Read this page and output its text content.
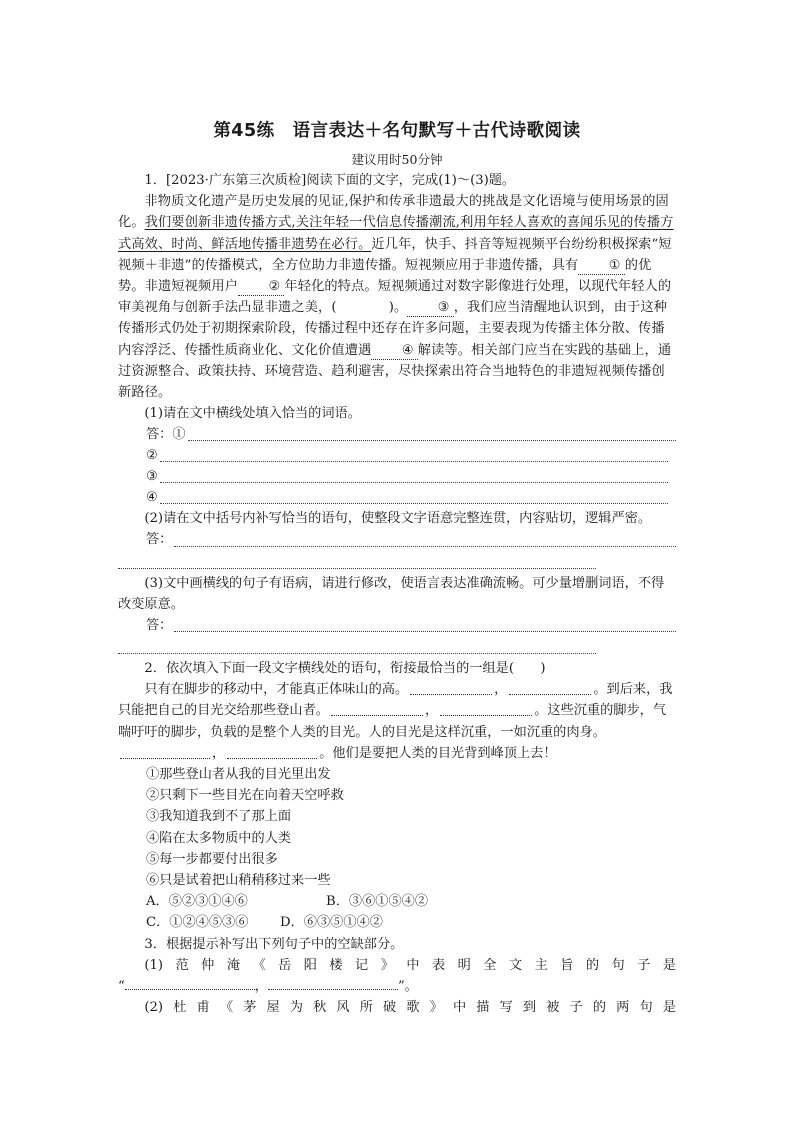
第45练　语言表达＋名句默写＋古代诗歌阅读

建议用时50分钟

1．[2023·广东第三次质检]阅读下面的文字，完成(1)～(3)题。

非物质文化遗产是历史发展的见证,保护和传承非遗最大的挑战是文化语境与使用场景的固化。我们要创新非遗传播方式,关注年轻一代信息传播潮流,利用年轻人喜欢的喜闻乐见的传播方式高效、时尚、鲜活地传播非遗势在必行。近几年，快手、抖音等短视频平台纷纷积极探索“短视频＋非遗”的传播模式，全方位助力非遗传播。短视频应用于非遗传播，具有 ① 的优势。非遗短视频用户 ② 年轻化的特点。短视频通过对数字影像进行处理，以现代年轻人的审美视角与创新手法凸显非遗之美，(	)。 ③ ，我们应当清醒地认识到，由于这种传播形式仍处于初期探索阶段，传播过程中还存在许多问题，主要表现为传播主体分散、传播内容浮泛、传播性质商业化、文化价值遭遇 ④ 解读等。相关部门应当在实践的基础上，通过资源整合、政策扶持、环境营造、趋利避害，尽快探索出符合当地特色的非遗短视频传播创新路径。

(1)请在文中横线处填入恰当的词语。

答：①
②
③
④

(2)请在文中括号内补写恰当的语句，使整段文字语意完整连贯，内容贴切，逻辑严密。

答：

(3)文中画横线的句子有语病，请进行修改，使语言表达准确流畅。可少量增删词语，不得改变原意。

答：

2．依次填入下面一段文字横线处的语句，衔接最恰当的一组是(　　)

只有在脚步的移动中，才能真正体味山的高。	，	。到后来，我只能把自己的目光交给那些登山者。	，	。这些沉重的脚步，气喘吁吁的脚步，负载的是整个人类的目光。人的目光是这样沉重，一如沉重的肉身。，	。他们是要把人类的目光背到峰顶上去！

①那些登山者从我的目光里出发

②只剩下一些目光在向着天空呼救

③我知道我到不了那上面

④陷在太多物质中的人类

⑤每一步都要付出很多

⑥只是试着把山稍稍移过来一些

A．⑤②③①④⑥	B．③⑥①⑤④②

C．①②④⑤③⑥ D．⑥③⑤①④②

3．根据提示补写出下列句子中的空缺部分。

(1)范仲淹《岳阳楼记》中表明全文主旨的句子是

“	，	”。

(2)杜甫《茅屋为秋风所破歌》中描写到被子的两句是
